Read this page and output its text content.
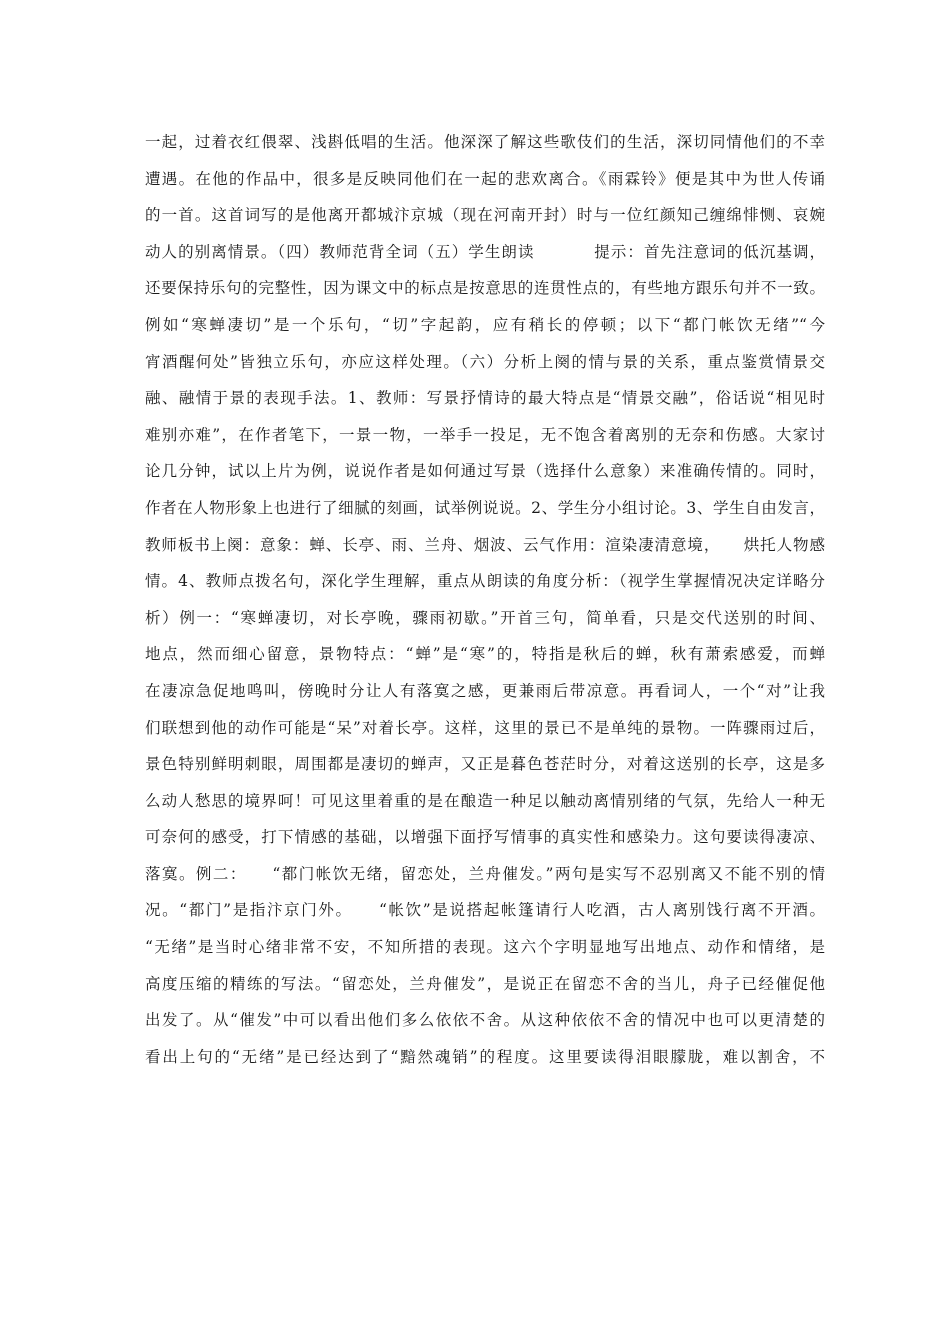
一起，过着衣红偎翠、浅斟低唱的生活。他深深了解这些歌伎们的生活，深切同情他们的不幸
遭遇。在他的作品中，很多是反映同他们在一起的悲欢离合。《雨霖铃》便是其中为世人传诵
的一首。这首词写的是他离开都城汴京城（现在河南开封）时与一位红颜知己缠绵悱恻、哀婉
动人的别离情景。（四）教师范背全词（五）学生朗读          提示：首先注意词的低沉基调，
还要保持乐句的完整性，因为课文中的标点是按意思的连贯性点的，有些地方跟乐句并不一致。
例如“寒蝉凄切”是一个乐句，“切”字起韵，应有稍长的停顿；以下“都门帐饮无绪”“今
宵酒醒何处”皆独立乐句，亦应这样处理。（六）分析上阕的情与景的关系，重点鉴赏情景交
融、融情于景的表现手法。1、教师：写景抒情诗的最大特点是“情景交融”，俗话说“相见时
难别亦难”，在作者笔下，一景一物，一举手一投足，无不饱含着离别的无奈和伤感。大家讨
论几分钟，试以上片为例，说说作者是如何通过写景（选择什么意象）来准确传情的。同时，
作者在人物形象上也进行了细腻的刻画，试举例说说。2、学生分小组讨论。3、学生自由发言，
教师板书上阕：意象：蝉、长亭、雨、兰舟、烟波、云气作用：渲染凄清意境，    烘托人物感
情。4、教师点拨名句，深化学生理解，重点从朗读的角度分析：（视学生掌握情况决定详略分
析）例一：“寒蝉凄切，对长亭晚，骤雨初歇。”开首三句，简单看，只是交代送别的时间、
地点，然而细心留意，景物特点：“蝉”是“寒”的，特指是秋后的蝉，秋有萧索感爱，而蝉
在凄凉急促地鸣叫，傍晚时分让人有落寞之感，更兼雨后带凉意。再看词人，一个“对”让我
们联想到他的动作可能是“呆”对着长亭。这样，这里的景已不是单纯的景物。一阵骤雨过后，
景色特别鲜明刺眼，周围都是凄切的蝉声，又正是暮色苍茫时分，对着这送别的长亭，这是多
么动人愁思的境界呵！可见这里着重的是在酿造一种足以触动离情别绪的气氛，先给人一种无
可奈何的感受，打下情感的基础，以增强下面抒写情事的真实性和感染力。这句要读得凄凉、
落寞。例二：    “都门帐饮无绪，留恋处，兰舟催发。”两句是实写不忍别离又不能不别的情
况。“都门”是指汴京门外。    “帐饮”是说搭起帐篷请行人吃酒，古人离别饯行离不开酒。
“无绪”是当时心绪非常不安，不知所措的表现。这六个字明显地写出地点、动作和情绪，是
高度压缩的精练的写法。“留恋处，兰舟催发”，是说正在留恋不舍的当儿，舟子已经催促他
出发了。从“催发”中可以看出他们多么依依不舍。从这种依依不舍的情况中也可以更清楚的
看出上句的“无绪”是已经达到了“黯然魂销”的程度。这里要读得泪眼朦胧，难以割舍，不
